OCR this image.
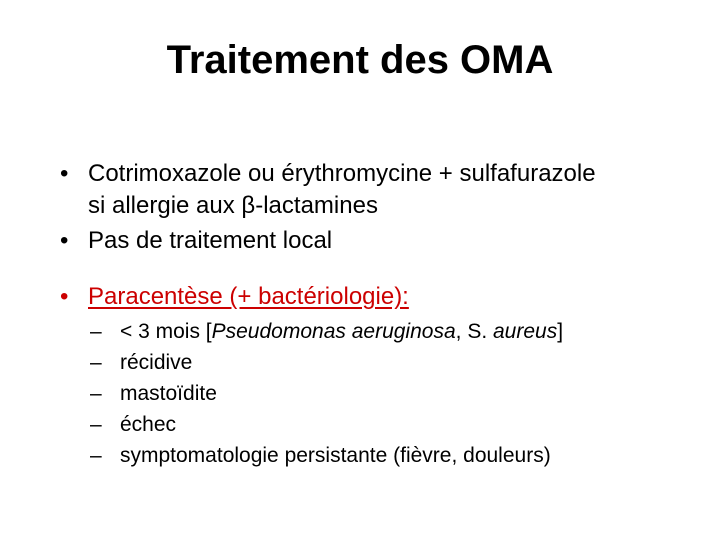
Traitement des OMA
• Cotrimoxazole ou érythromycine + sulfafurazole
si allergie aux β-lactamines
• Pas de traitement local
• Paracentèse (+ bactériologie):
– < 3 mois [Pseudomonas aeruginosa, S. aureus]
– récidive
– mastoïdite
– échec
– symptomatologie persistante (fièvre, douleurs)
